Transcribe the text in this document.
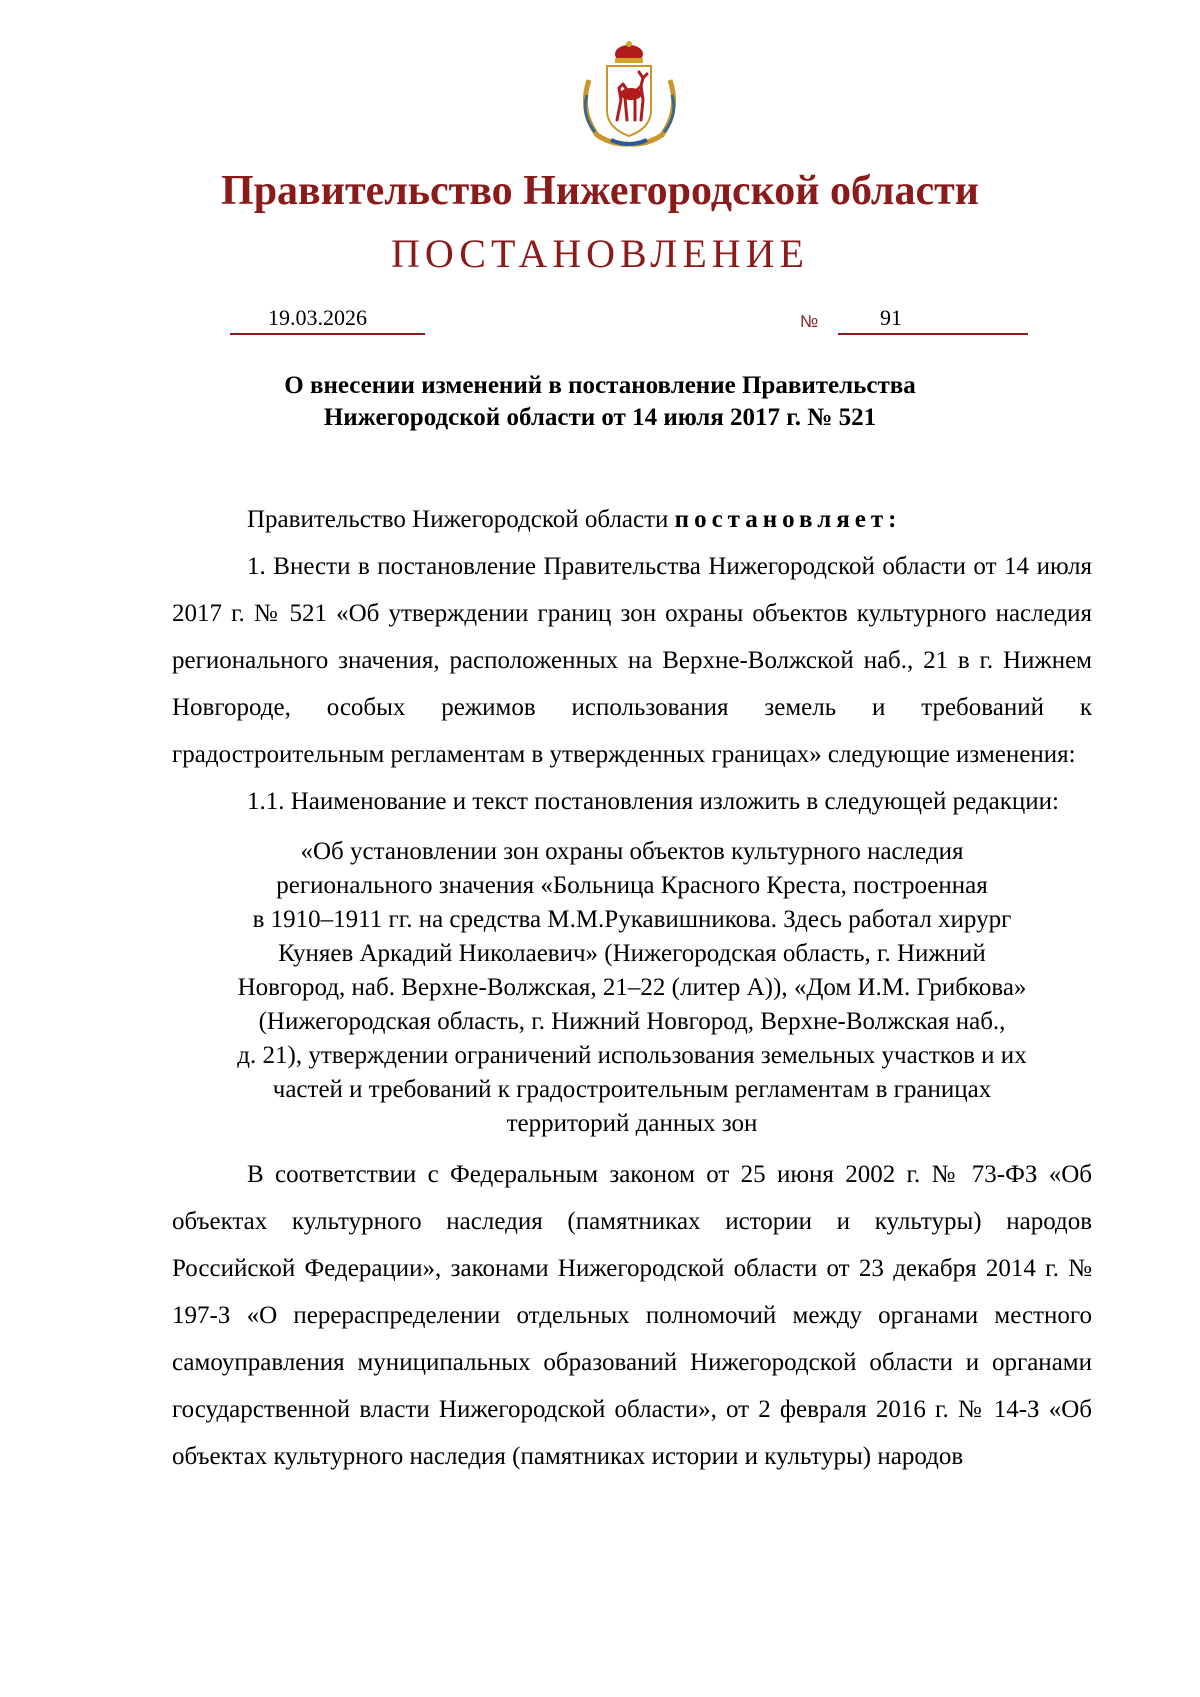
Правительство Нижегородской области
ПОСТАНОВЛЕНИЕ
19.03.2026	№	91
О внесении изменений в постановление Правительства
Нижегородской области от 14 июля 2017 г. № 521

Правительство Нижегородской области постановляет:

1. Внести в постановление Правительства Нижегородской области от 14 июля 2017 г. № 521 «Об утверждении границ зон охраны объектов культурного наследия регионального значения, расположенных на Верхне-Волжской наб., 21 в г. Нижнем Новгороде, особых режимов использования земель и требований к градостроительным регламентам в утвержденных границах» следующие изменения:

1.1. Наименование и текст постановления изложить в следующей редакции:

«Об установлении зон охраны объектов культурного наследия
регионального значения «Больница Красного Креста, построенная
в 1910–1911 гг. на средства М.М.Рукавишникова. Здесь работал хирург
Куняев Аркадий Николаевич» (Нижегородская область, г. Нижний
Новгород, наб. Верхне-Волжская, 21–22 (литер А)), «Дом И.М. Грибкова»
(Нижегородская область, г. Нижний Новгород, Верхне-Волжская наб.,
д. 21), утверждении ограничений использования земельных участков и их
частей и требований к градостроительным регламентам в границах
территорий данных зон

В соответствии с Федеральным законом от 25 июня 2002 г. № 73-ФЗ «Об объектах культурного наследия (памятниках истории и культуры) народов Российской Федерации», законами Нижегородской области от 23 декабря 2014 г. № 197-З «О перераспределении отдельных полномочий между органами местного самоуправления муниципальных образований Нижегородской области и органами государственной власти Нижегородской области», от 2 февраля 2016 г. № 14-З «Об объектах культурного наследия (памятниках истории и культуры) народов
